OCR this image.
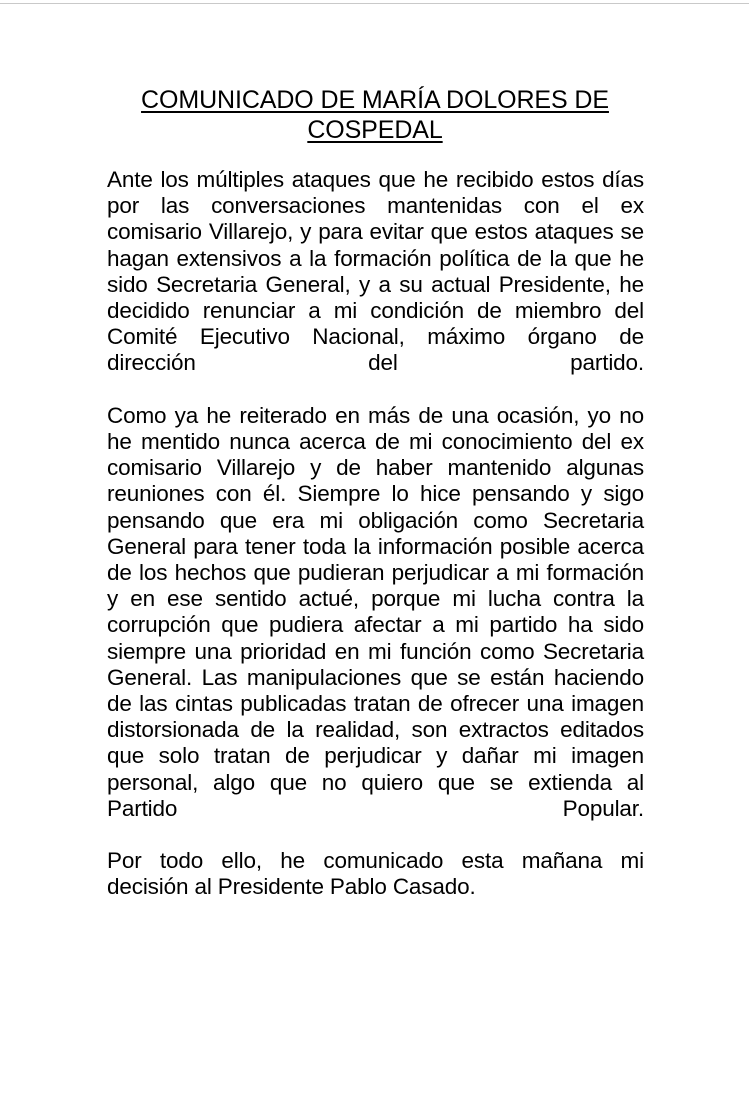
COMUNICADO DE MARÍA DOLORES DE
COSPEDAL

Ante los múltiples ataques que he recibido estos días por las conversaciones mantenidas con el ex comisario Villarejo, y para evitar que estos ataques se hagan extensivos a la formación política de la que he sido Secretaria General, y a su actual Presidente, he decidido renunciar a mi condición de miembro del Comité Ejecutivo Nacional, máximo órgano de dirección del partido.

Como ya he reiterado en más de una ocasión, yo no he mentido nunca acerca de mi conocimiento del ex comisario Villarejo y de haber mantenido algunas reuniones con él. Siempre lo hice pensando y sigo pensando que era mi obligación como Secretaria General para tener toda la información posible acerca de los hechos que pudieran perjudicar a mi formación y en ese sentido actué, porque mi lucha contra la corrupción que pudiera afectar a mi partido ha sido siempre una prioridad en mi función como Secretaria General. Las manipulaciones que se están haciendo de las cintas publicadas tratan de ofrecer una imagen distorsionada de la realidad, son extractos editados que solo tratan de perjudicar y dañar mi imagen personal, algo que no quiero que se extienda al Partido Popular.

Por todo ello, he comunicado esta mañana mi decisión al Presidente Pablo Casado.
